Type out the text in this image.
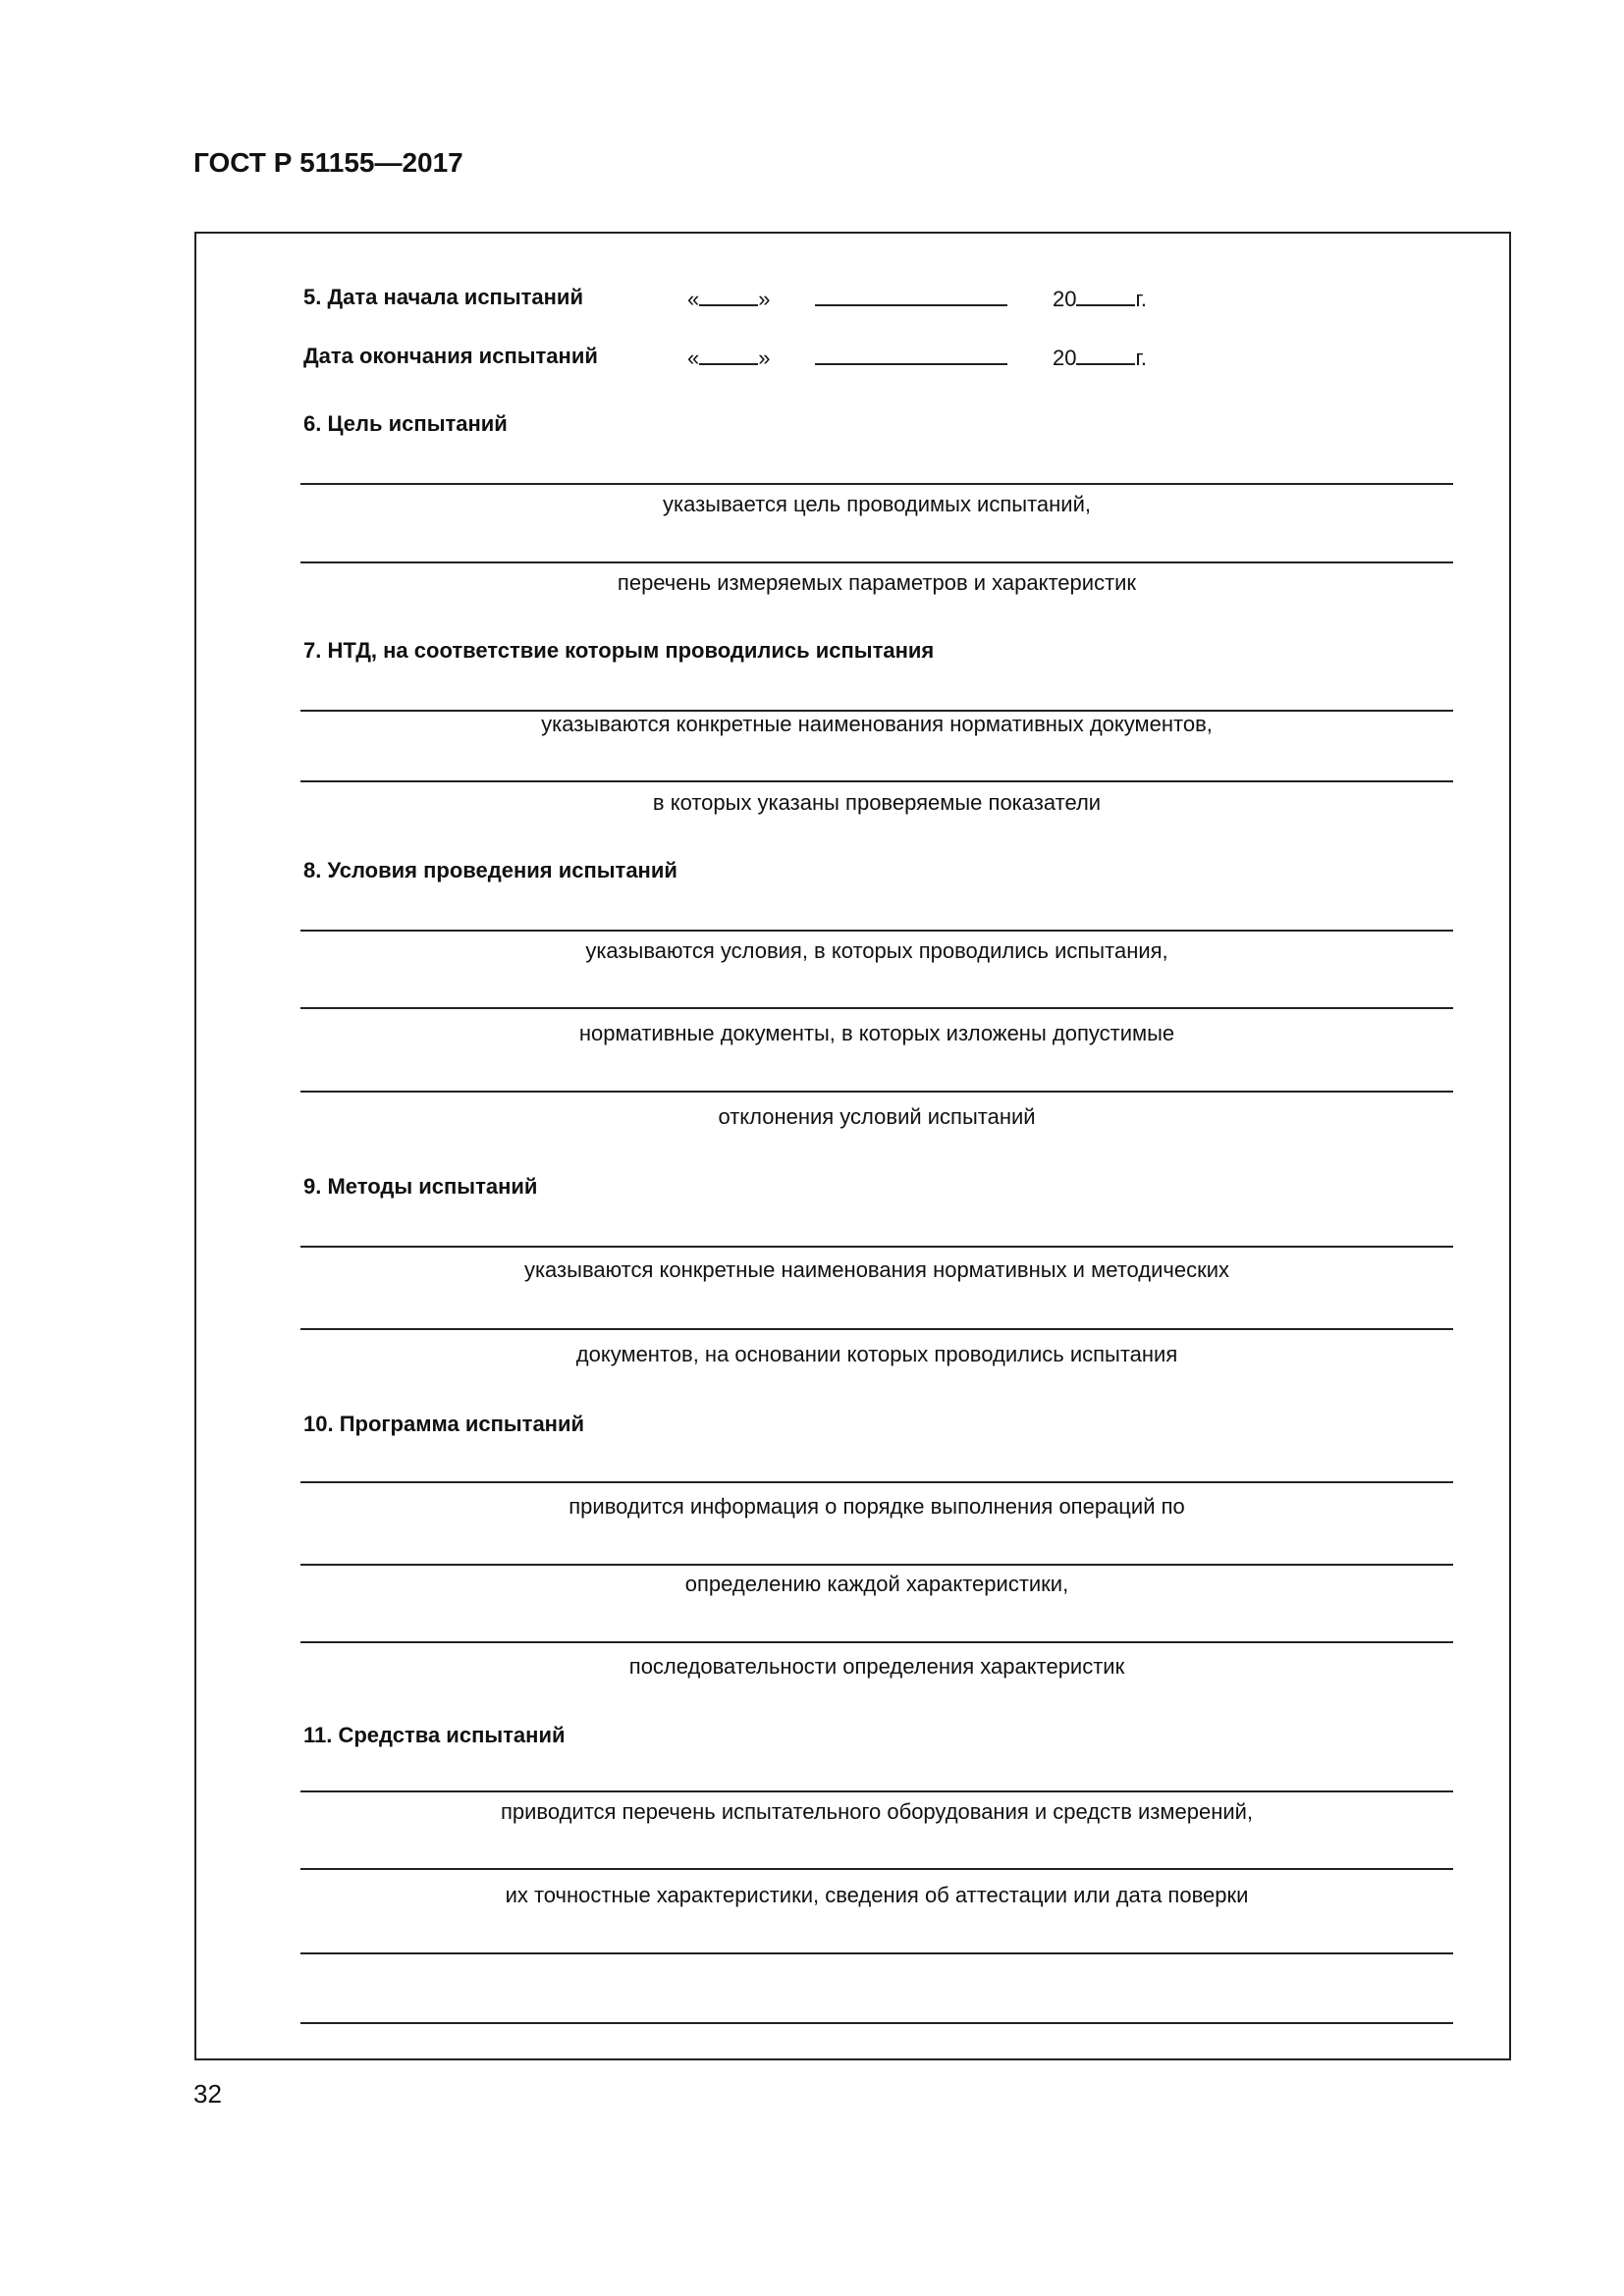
ГОСТ Р 51155—2017
5. Дата начала испытаний	«	»	20	г.
Дата окончания испытаний	«	»	20	г.
6. Цель испытаний
указывается цель проводимых испытаний,
перечень измеряемых параметров и характеристик
7. НТД, на соответствие которым проводились испытания
указываются конкретные наименования нормативных документов,
в которых указаны проверяемые показатели
8. Условия проведения испытаний
указываются условия, в которых проводились испытания,
нормативные документы, в которых изложены допустимые
отклонения условий испытаний
9. Методы испытаний
указываются конкретные наименования нормативных и методических
документов, на основании которых проводились испытания
10. Программа испытаний
приводится информация о порядке выполнения операций по
определению каждой характеристики,
последовательности определения характеристик
11. Средства испытаний
приводится перечень испытательного оборудования и средств измерений,
их точностные характеристики, сведения об аттестации или дата поверки
32
